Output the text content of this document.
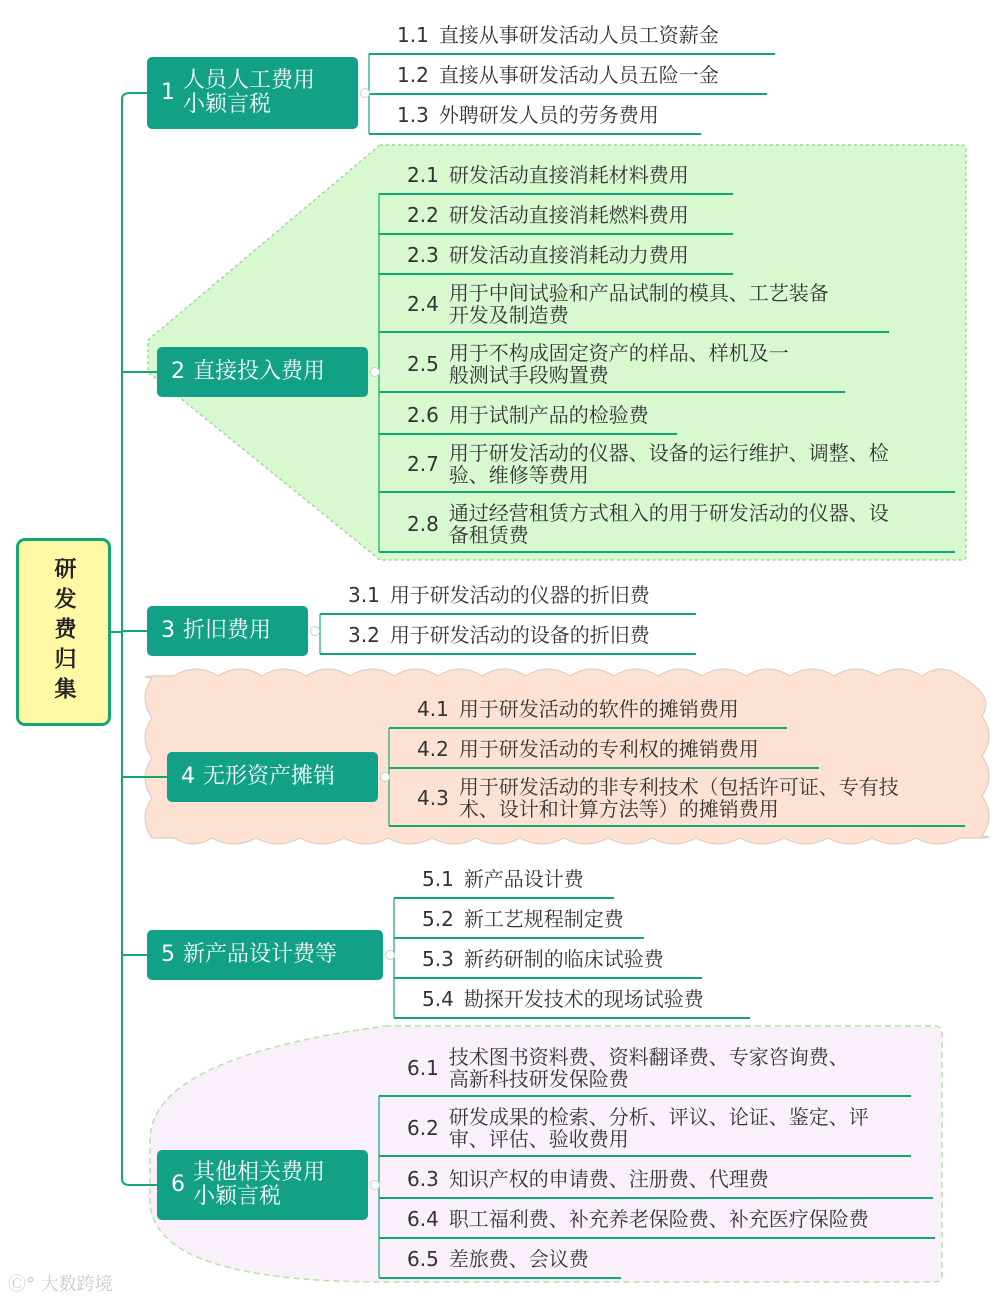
研发费归集
1 人员人工费用
小颖言税
1.1 直接从事研发活动人员工资薪金
1.2 直接从事研发活动人员五险一金
1.3 外聘研发人员的劳务费用
2 直接投入费用
2.1 研发活动直接消耗材料费用
2.2 研发活动直接消耗燃料费用
2.3 研发活动直接消耗动力费用
2.4 用于中间试验和产品试制的模具、工艺装备
开发及制造费
2.5 用于不构成固定资产的样品、样机及一
般测试手段购置费
2.6 用于试制产品的检验费
2.7 用于研发活动的仪器、设备的运行维护、调整、检
验、维修等费用
2.8 通过经营租赁方式租入的用于研发活动的仪器、设
备租赁费
3 折旧费用
3.1 用于研发活动的仪器的折旧费
3.2 用于研发活动的设备的折旧费
4 无形资产摊销
4.1 用于研发活动的软件的摊销费用
4.2 用于研发活动的专利权的摊销费用
4.3 用于研发活动的非专利技术（包括许可证、专有技
术、设计和计算方法等）的摊销费用
5 新产品设计费等
5.1 新产品设计费
5.2 新工艺规程制定费
5.3 新药研制的临床试验费
5.4 勘探开发技术的现场试验费
6 其他相关费用
小颖言税
6.1 技术图书资料费、资料翻译费、专家咨询费、
高新科技研发保险费
6.2 研发成果的检索、分析、评议、论证、鉴定、评
审、评估、验收费用
6.3 知识产权的申请费、注册费、代理费
6.4 职工福利费、补充养老保险费、补充医疗保险费
6.5 差旅费、会议费
Ⓒ° 大数跨境
